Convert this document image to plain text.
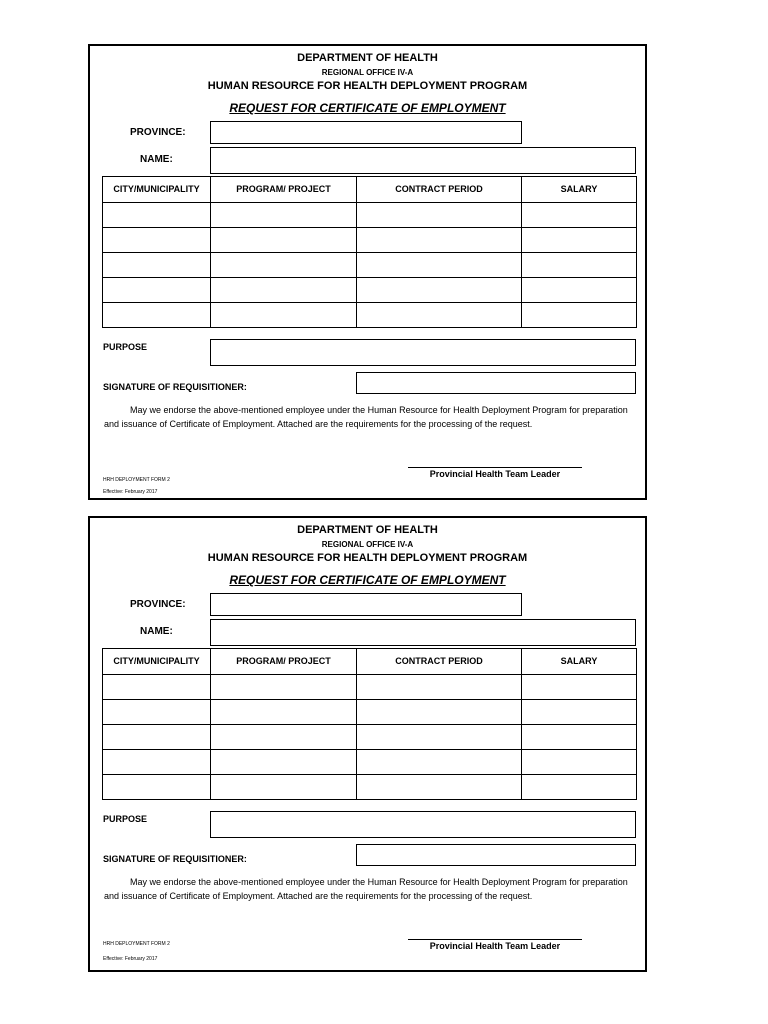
DEPARTMENT OF HEALTH
REGIONAL OFFICE IV-A
HUMAN RESOURCE FOR HEALTH DEPLOYMENT PROGRAM
REQUEST FOR CERTIFICATE OF EMPLOYMENT
PROVINCE:
NAME:
CITY/MUNICIPALITY	PROGRAM/ PROJECT	CONTRACT PERIOD	SALARY

PURPOSE
SIGNATURE OF REQUISITIONER:
May we endorse the above-mentioned employee under the Human Resource for Health Deployment Program for preparation and issuance of Certificate of Employment. Attached are the requirements for the processing of the request.
Provincial Health Team Leader
HRH DEPLOYMENT FORM 2
Effective: February 2017
DEPARTMENT OF HEALTH
REGIONAL OFFICE IV-A
HUMAN RESOURCE FOR HEALTH DEPLOYMENT PROGRAM
REQUEST FOR CERTIFICATE OF EMPLOYMENT
PROVINCE:
NAME:
CITY/MUNICIPALITY	PROGRAM/ PROJECT	CONTRACT PERIOD	SALARY

PURPOSE
SIGNATURE OF REQUISITIONER:
May we endorse the above-mentioned employee under the Human Resource for Health Deployment Program for preparation and issuance of Certificate of Employment. Attached are the requirements for the processing of the request.
Provincial Health Team Leader
HRH DEPLOYMENT FORM 2
Effective: February 2017
